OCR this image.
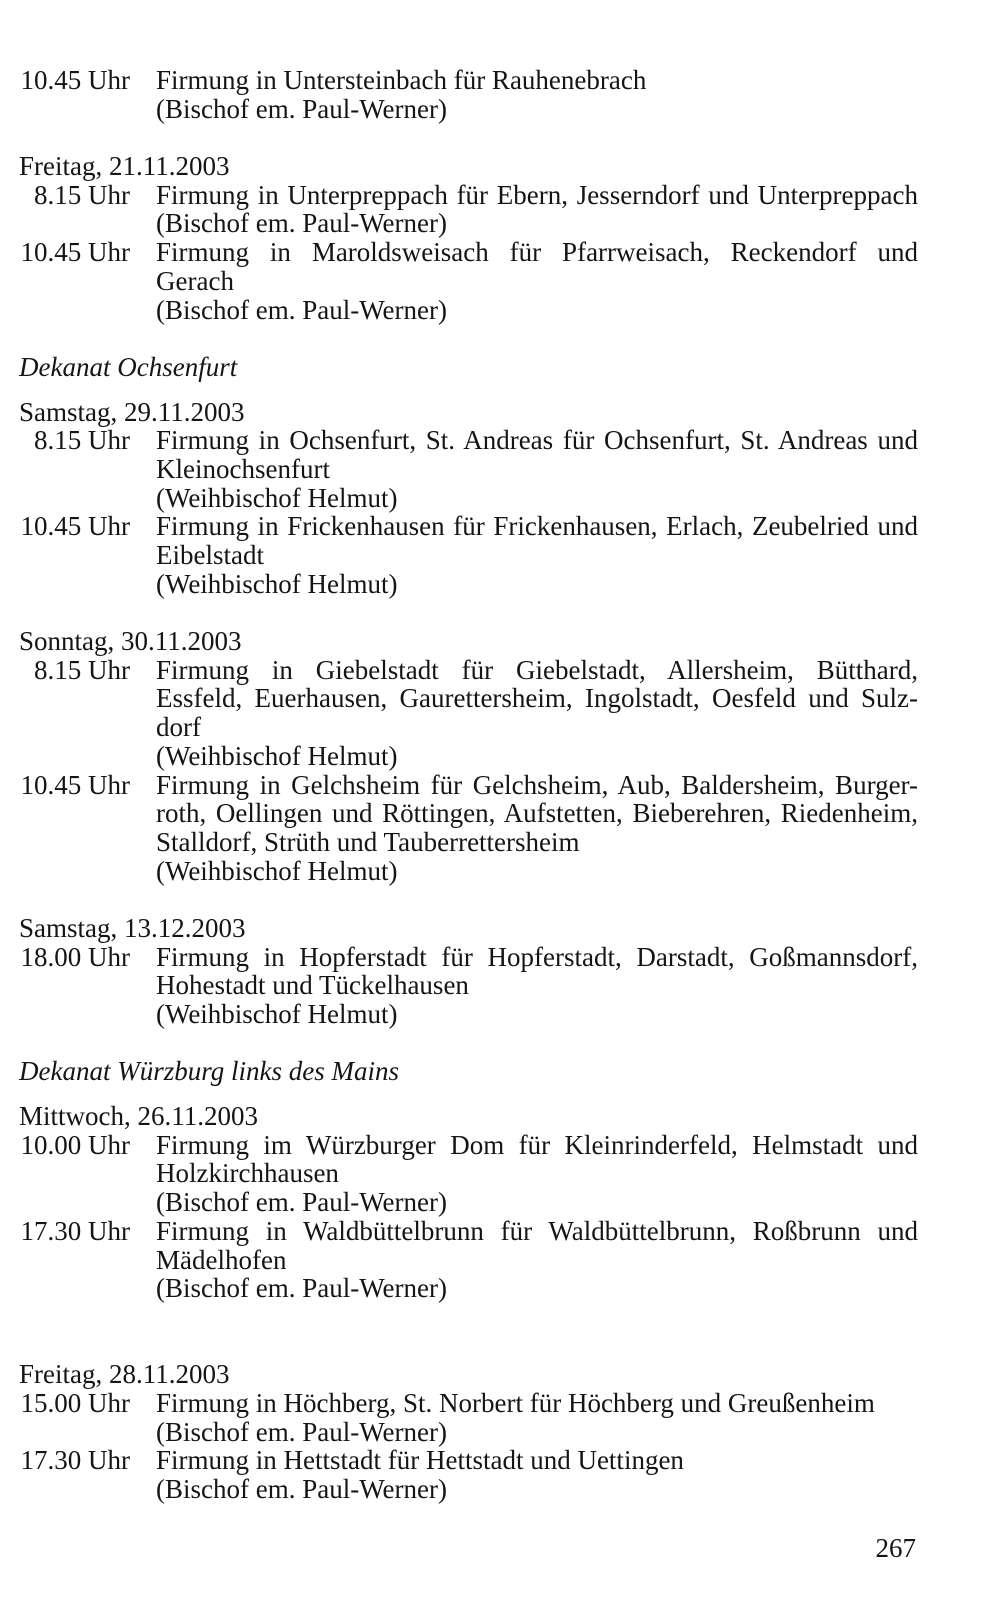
10.45 Uhr Firmung in Untersteinbach für Rauhenebrach
(Bischof em. Paul-Werner)
Freitag, 21.11.2003
8.15 Uhr Firmung in Unterpreppach für Ebern, Jesserndorf und Unterpreppach
(Bischof em. Paul-Werner)
10.45 Uhr Firmung in Maroldsweisach für Pfarrweisach, Reckendorf und
Gerach
(Bischof em. Paul-Werner)
Dekanat Ochsenfurt
Samstag, 29.11.2003
8.15 Uhr Firmung in Ochsenfurt, St. Andreas für Ochsenfurt, St. Andreas und
Kleinochsenfurt
(Weihbischof Helmut)
10.45 Uhr Firmung in Frickenhausen für Frickenhausen, Erlach, Zeubelried und
Eibelstadt
(Weihbischof Helmut)
Sonntag, 30.11.2003
8.15 Uhr Firmung in Giebelstadt für Giebelstadt, Allersheim, Bütthard,
Essfeld, Euerhausen, Gaurettersheim, Ingolstadt, Oesfeld und Sulz-
dorf
(Weihbischof Helmut)
10.45 Uhr Firmung in Gelchsheim für Gelchsheim, Aub, Baldersheim, Burger-
roth, Oellingen und Röttingen, Aufstetten, Bieberehren, Riedenheim,
Stalldorf, Strüth und Tauberrettersheim
(Weihbischof Helmut)
Samstag, 13.12.2003
18.00 Uhr Firmung in Hopferstadt für Hopferstadt, Darstadt, Goßmannsdorf,
Hohestadt und Tückelhausen
(Weihbischof Helmut)
Dekanat Würzburg links des Mains
Mittwoch, 26.11.2003
10.00 Uhr Firmung im Würzburger Dom für Kleinrinderfeld, Helmstadt und
Holzkirchhausen
(Bischof em. Paul-Werner)
17.30 Uhr Firmung in Waldbüttelbrunn für Waldbüttelbrunn, Roßbrunn und
Mädelhofen
(Bischof em. Paul-Werner)
Freitag, 28.11.2003
15.00 Uhr Firmung in Höchberg, St. Norbert für Höchberg und Greußenheim
(Bischof em. Paul-Werner)
17.30 Uhr Firmung in Hettstadt für Hettstadt und Uettingen
(Bischof em. Paul-Werner)
267
